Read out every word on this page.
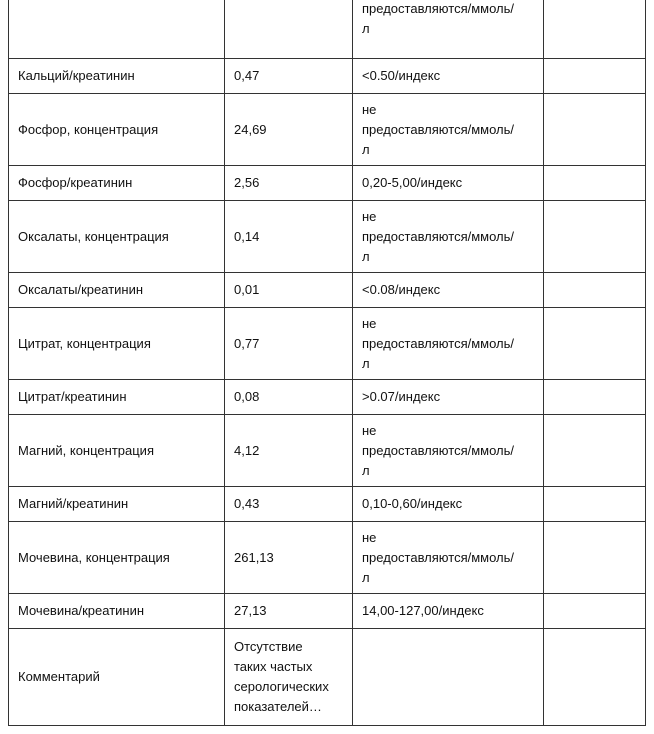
		предоставляются/ммоль/
л	

Кальций/креатинин	0,47	<0.50/индекс	

Фосфор, концентрация	24,69	не
предоставляются/ммоль/
л	

Фосфор/креатинин	2,56	0,20-5,00/индекс	

Оксалаты, концентрация	0,14	не
предоставляются/ммоль/
л	

Оксалаты/креатинин	0,01	<0.08/индекс	

Цитрат, концентрация	0,77	не
предоставляются/ммоль/
л	

Цитрат/креатинин	0,08	>0.07/индекс	

Магний, концентрация	4,12	не
предоставляются/ммоль/
л	

Магний/креатинин	0,43	0,10-0,60/индекс	

Мочевина, концентрация	261,13	не
предоставляются/ммоль/
л	

Мочевина/креатинин	27,13	14,00-127,00/индекс	

Комментарий	Отсутствие
таких частых
серологических
показателей…		
